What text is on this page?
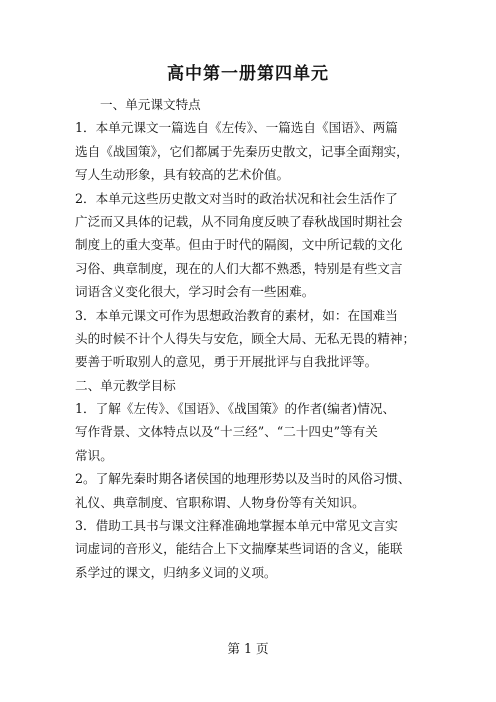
高中第一册第四单元
一、单元课文特点
1．本单元课文一篇选自《左传》、一篇选自《国语》、两篇
选自《战国策》，它们都属于先秦历史散文，记事全面翔实，
写人生动形象，具有较高的艺术价值。
2．本单元这些历史散文对当时的政治状况和社会生活作了
广泛而又具体的记载，从不同角度反映了春秋战国时期社会
制度上的重大变革。但由于时代的隔阂，文中所记载的文化
习俗、典章制度，现在的人们大都不熟悉，特别是有些文言
词语含义变化很大，学习时会有一些困难。
3．本单元课文可作为思想政治教育的素材，如：在国难当
头的时候不计个人得失与安危，顾全大局、无私无畏的精神；
要善于听取别人的意见，勇于开展批评与自我批评等。
二、单元教学目标
1．了解《左传》、《国语》、《战国策》的作者(编者)情况、
写作背景、文体特点以及“十三经”、“二十四史”等有关
常识。
2。了解先秦时期各诸侯国的地理形势以及当时的风俗习惯、
礼仪、典章制度、官职称谓、人物身份等有关知识。
3．借助工具书与课文注释准确地掌握本单元中常见文言实
词虚词的音形义，能结合上下文揣摩某些词语的含义，能联
系学过的课文，归纳多义词的义项。
第 1 页
